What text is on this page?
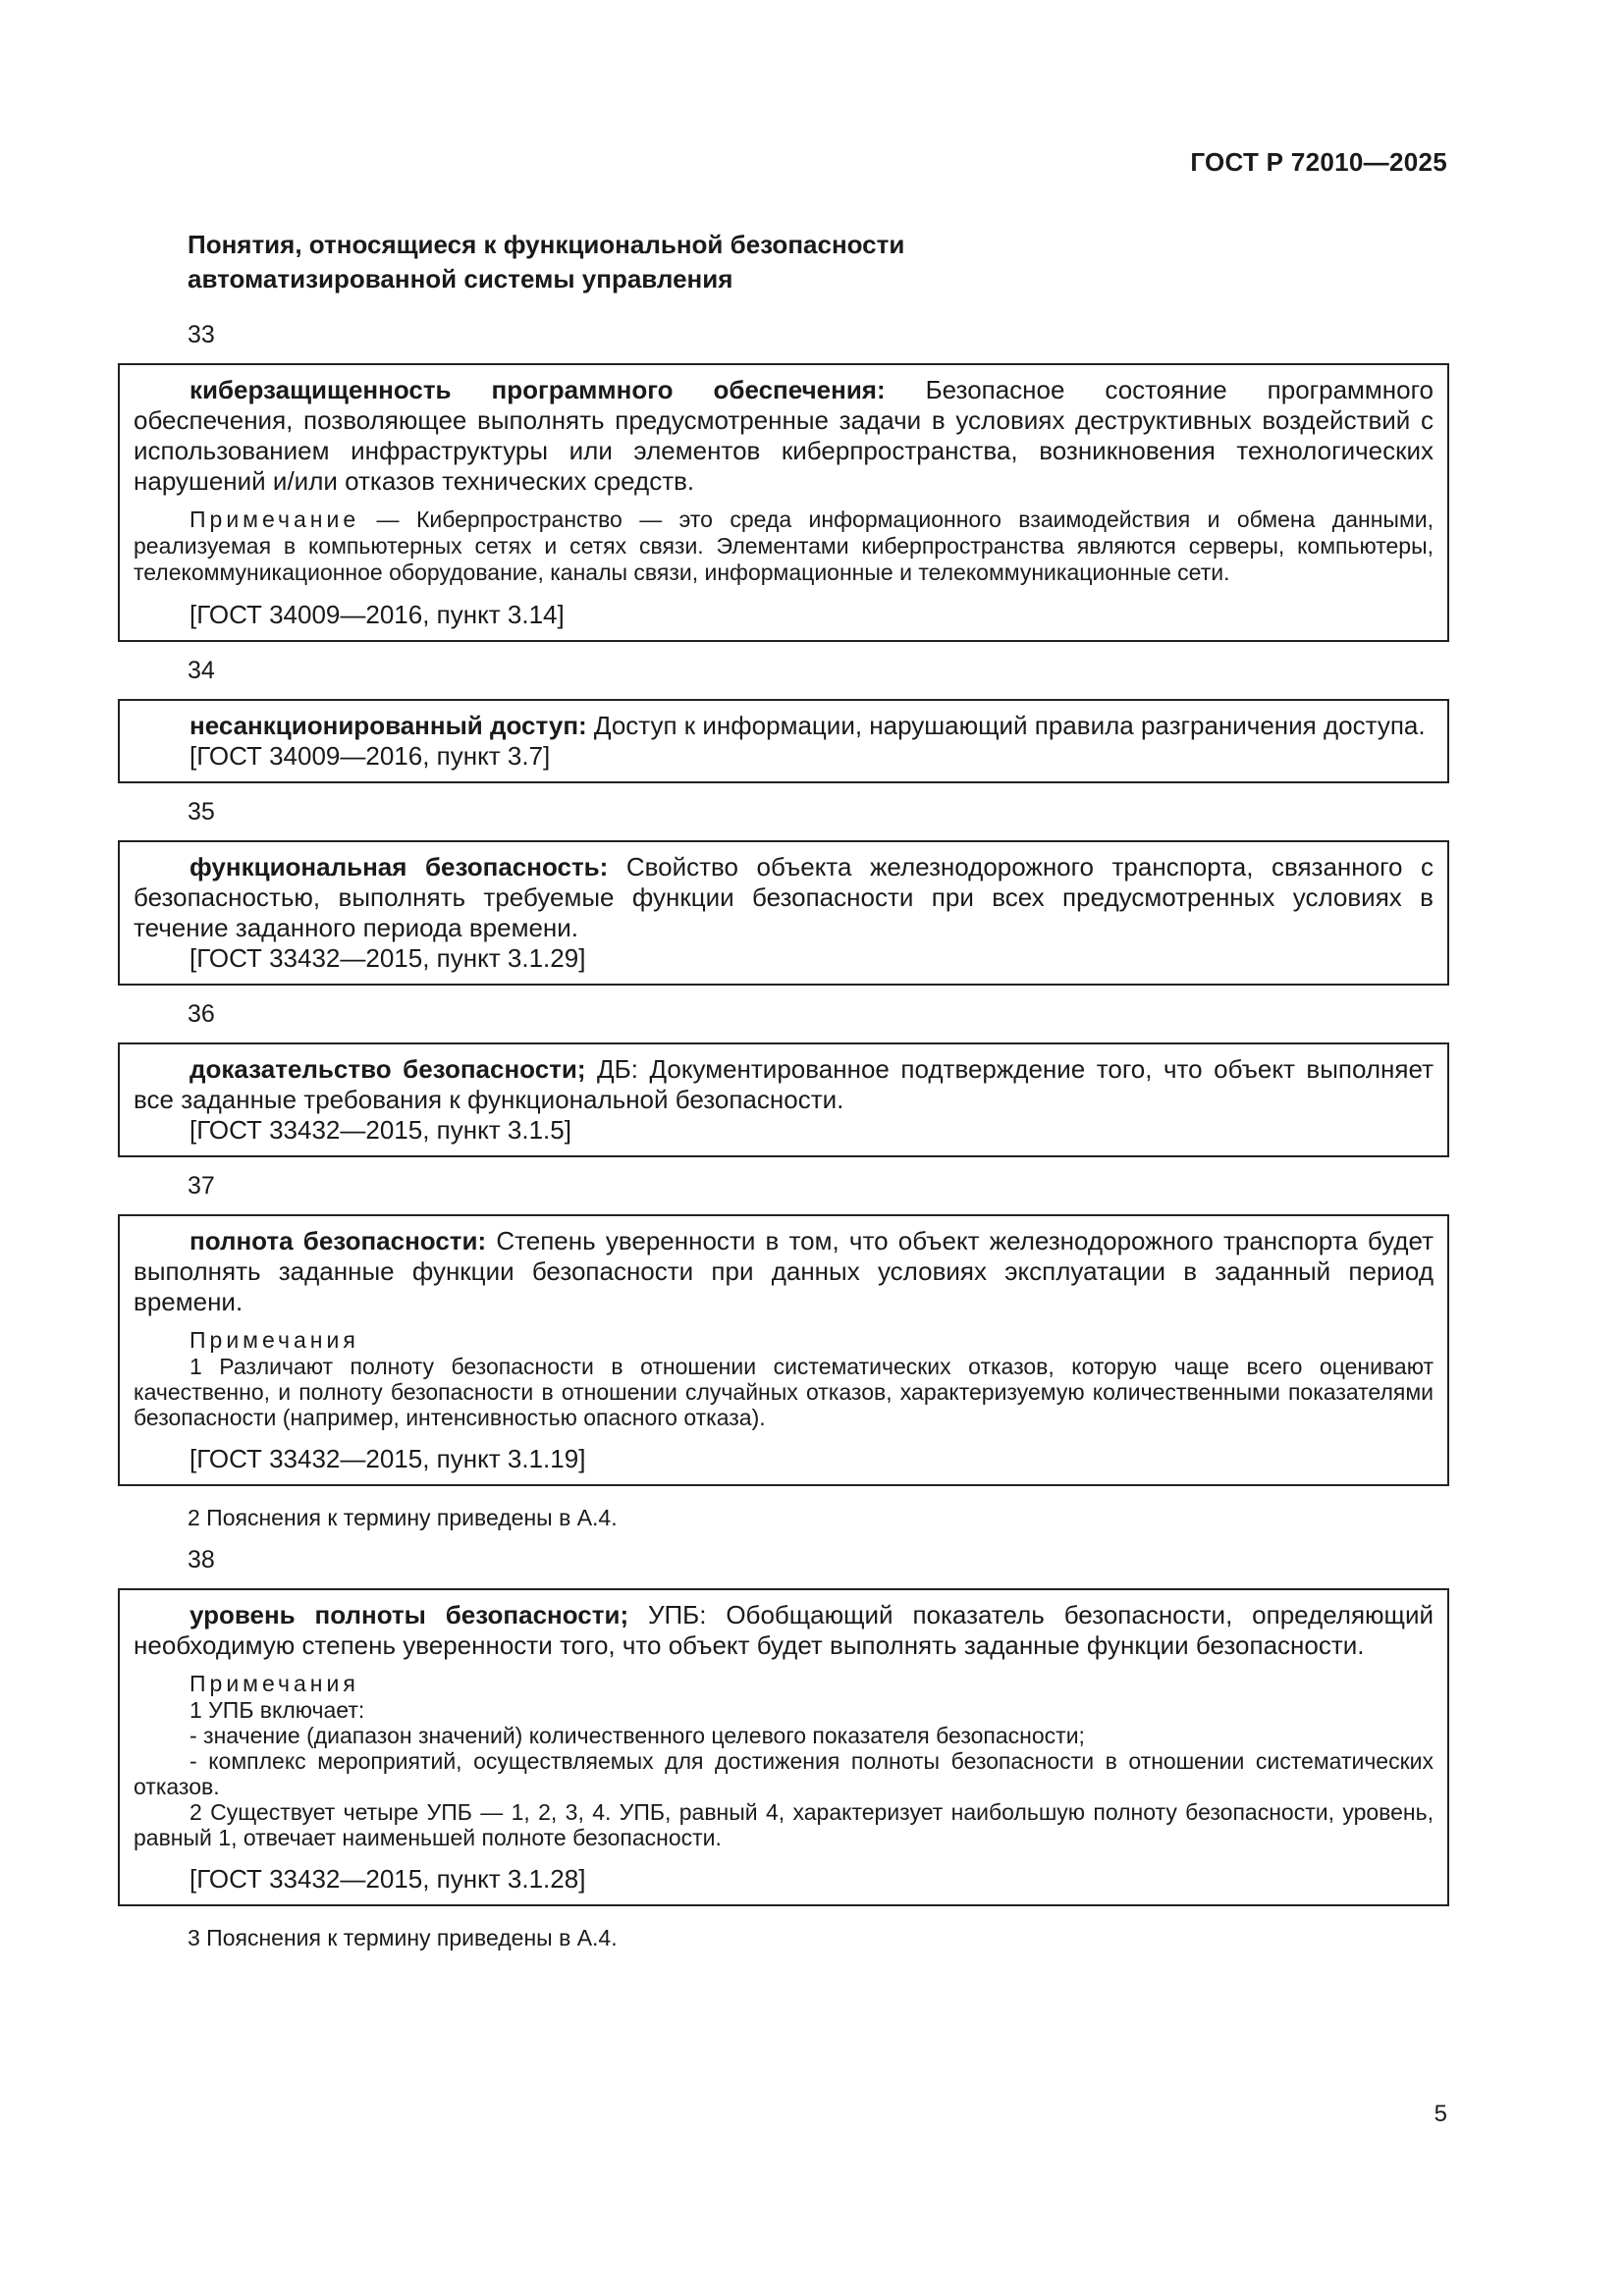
ГОСТ Р 72010—2025
Понятия, относящиеся к функциональной безопасности
автоматизированной системы управления
33

киберзащищенность программного обеспечения: Безопасное состояние программного обеспечения, позволяющее выполнять предусмотренные задачи в условиях деструктивных воздействий с использованием инфраструктуры или элементов киберпространства, возникновения технологических нарушений и/или отказов технических средств.

Примечание — Киберпространство — это среда информационного взаимодействия и обмена данными, реализуемая в компьютерных сетях и сетях связи. Элементами киберпространства являются серверы, компьютеры, телекоммуникационное оборудование, каналы связи, информационные и телекоммуникационные сети.

[ГОСТ 34009—2016, пункт 3.14]
34

несанкционированный доступ: Доступ к информации, нарушающий правила разграничения доступа.

[ГОСТ 34009—2016, пункт 3.7]
35

функциональная безопасность: Свойство объекта железнодорожного транспорта, связанного с безопасностью, выполнять требуемые функции безопасности при всех предусмотренных условиях в течение заданного периода времени.

[ГОСТ 33432—2015, пункт 3.1.29]
36

доказательство безопасности; ДБ: Документированное подтверждение того, что объект выполняет все заданные требования к функциональной безопасности.

[ГОСТ 33432—2015, пункт 3.1.5]
37

полнота безопасности: Степень уверенности в том, что объект железнодорожного транспорта будет выполнять заданные функции безопасности при данных условиях эксплуатации в заданный период времени.

Примечания
1 Различают полноту безопасности в отношении систематических отказов, которую чаще всего оценивают качественно, и полноту безопасности в отношении случайных отказов, характеризуемую количественными показателями безопасности (например, интенсивностью опасного отказа).
[ГОСТ 33432—2015, пункт 3.1.19]
2 Пояснения к термину приведены в А.4.
38

уровень полноты безопасности; УПБ: Обобщающий показатель безопасности, определяющий необходимую степень уверенности того, что объект будет выполнять заданные функции безопасности.

Примечания
1 УПБ включает:
- значение (диапазон значений) количественного целевого показателя безопасности;
- комплекс мероприятий, осуществляемых для достижения полноты безопасности в отношении систематических отказов.
2 Существует четыре УПБ — 1, 2, 3, 4. УПБ, равный 4, характеризует наибольшую полноту безопасности, уровень, равный 1, отвечает наименьшей полноте безопасности.
[ГОСТ 33432—2015, пункт 3.1.28]
3 Пояснения к термину приведены в А.4.
5
